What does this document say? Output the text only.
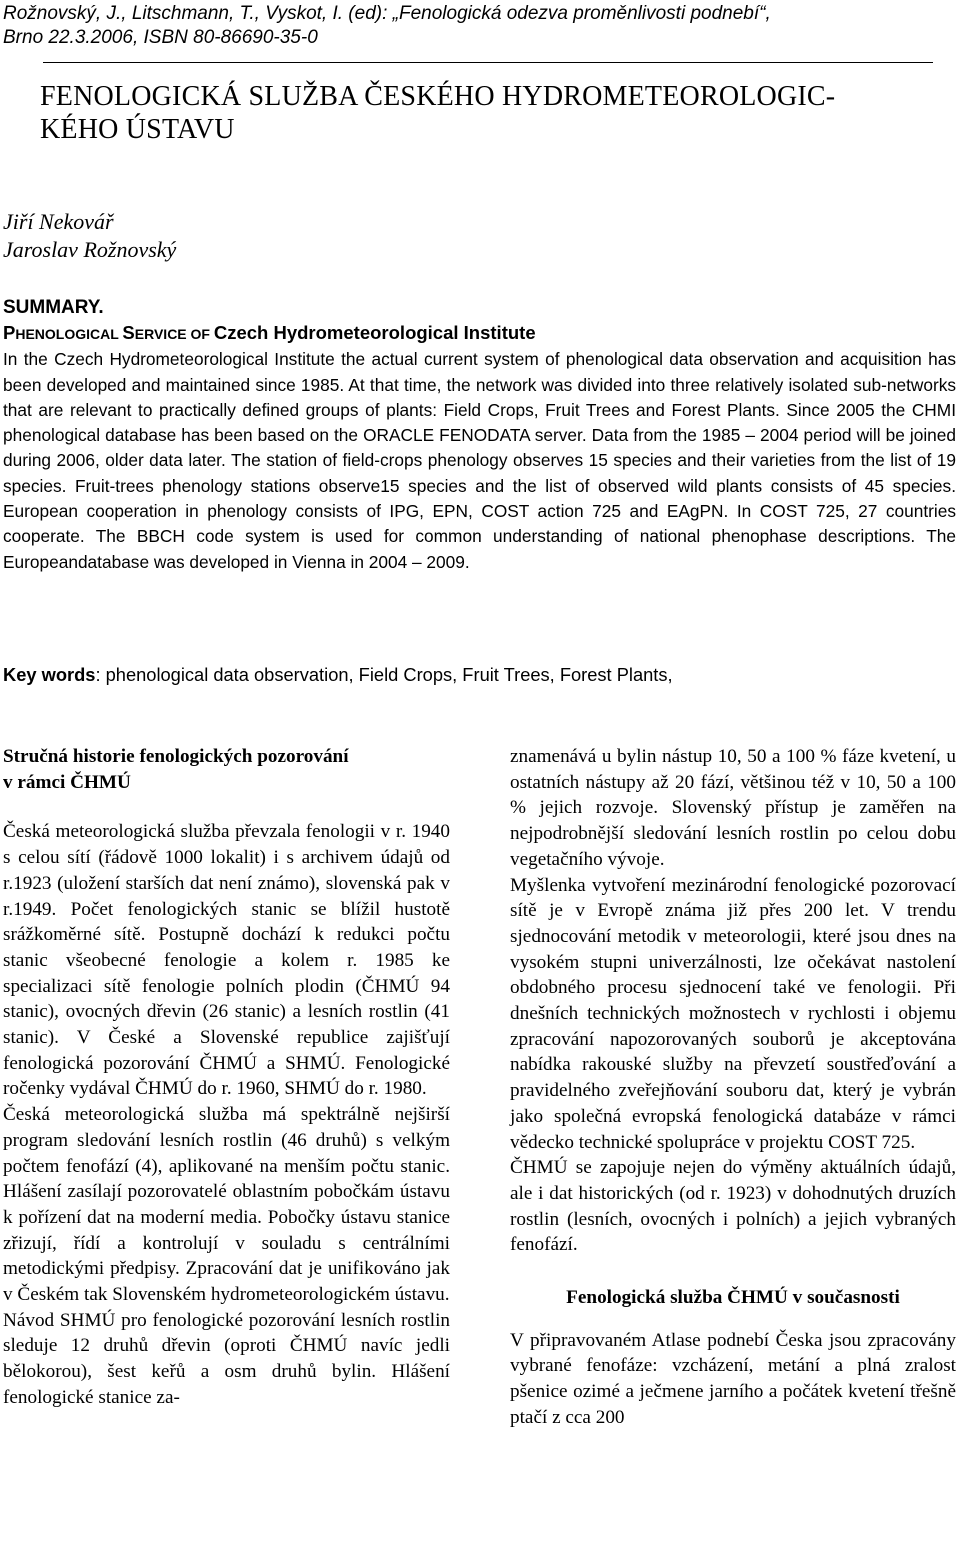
Rožnovský, J., Litschmann, T., Vyskot, I. (ed): „Fenologická odezva proměnlivosti podnebí“,
Brno 22.3.2006, ISBN 80-86690-35-0
FENOLOGICKÁ SLUŽBA ČESKÉHO HYDROMETEOROLOGIC-
KÉHO ÚSTAVU
Jiří Nekovář
Jaroslav Rožnovský
SUMMARY.
PHENOLOGICAL SERVICE OF Czech Hydrometeorological Institute

In the Czech Hydrometeorological Institute the actual current system of phenological data observation and acquisition has been developed and maintained since 1985. At that time, the network was divided into three relatively isolated sub-networks that are relevant to practically defined groups of plants: Field Crops, Fruit Trees and Forest Plants. Since 2005 the CHMI phenological database has been based on the ORACLE FENODATA server. Data from the 1985 – 2004 period will be joined during 2006, older data later. The station of field-crops phenology observes 15 species and their varieties from the list of 19 species. Fruit-trees phenology stations observe15 species and the list of observed wild plants consists of 45 species. European cooperation in phenology consists of IPG, EPN, COST action 725 and EAgPN. In COST 725, 27 countries cooperate. The BBCH code system is used for common understanding of national phenophase descriptions. The Europeandatabase was developed in Vienna in 2004 – 2009.

Key words: phenological data observation, Field Crops, Fruit Trees, Forest Plants,

Stručná historie fenologických pozorování
v rámci ČHMÚ

Česká meteorologická služba převzala fenologii v r. 1940 s celou sítí (řádově 1000 lokalit) i s archivem údajů od r.1923 (uložení starších dat není známo), slovenská pak v r.1949. Počet fenologických stanic se blížil hustotě srážkoměrné sítě. Postupně dochází k redukci počtu stanic všeobecné fenologie a kolem r. 1985 ke specializaci sítě fenologie polních plodin (ČHMÚ 94 stanic), ovocných dřevin (26 stanic) a lesních rostlin (41 stanic). V České a Slovenské republice zajišťují fenologická pozorování ČHMÚ a SHMÚ. Fenologické ročenky vydával ČHMÚ do r. 1960, SHMÚ do r. 1980.

Česká meteorologická služba má spektrálně nejširší program sledování lesních rostlin (46 druhů) s velkým počtem fenofází (4), aplikované na menším počtu stanic. Hlášení zasílají pozorovatelé oblastním pobočkám ústavu k pořízení dat na moderní media. Pobočky ústavu stanice zřizují, řídí a kontrolují v souladu s centrálními metodickými předpisy. Zpracování dat je unifikováno jak v Českém tak Slovenském hydrometeorologickém ústavu.

Návod SHMÚ pro fenologické pozorování lesních rostlin sleduje 12 druhů dřevin (oproti ČHMÚ navíc jedli bělokorou), šest keřů a osm druhů bylin. Hlášení fenologické stanice za-

znamenává u bylin nástup 10, 50 a 100 % fáze kvetení, u ostatních nástupy až 20 fází, většinou též v 10, 50 a 100 % jejich rozvoje. Slovenský přístup je zaměřen na nejpodrobnější sledování lesních rostlin po celou dobu vegetačního vývoje.

Myšlenka vytvoření mezinárodní fenologické pozorovací sítě je v Evropě známa již přes 200 let. V trendu sjednocování metodik v meteorologii, které jsou dnes na vysokém stupni univerzálnosti, lze očekávat nastolení obdobného procesu sjednocení také ve fenologii. Při dnešních technických možnostech v rychlosti i objemu zpracování napozorovaných souborů je akceptována nabídka rakouské služby na převzetí soustřeďování a pravidelného zveřejňování souboru dat, který je vybrán jako společná evropská fenologická databáze v rámci vědecko technické spolupráce v projektu COST 725.

ČHMÚ se zapojuje nejen do výměny aktuálních údajů, ale i dat historických (od r. 1923) v dohodnutých druzích rostlin (lesních, ovocných i polních) a jejich vybraných fenofází.

Fenologická služba ČHMÚ v současnosti

V připravovaném Atlase podnebí Česka jsou zpracovány vybrané fenofáze: vzcházení, metání a plná zralost pšenice ozimé a ječmene jarního a počátek kvetení třešně ptačí z cca 200
